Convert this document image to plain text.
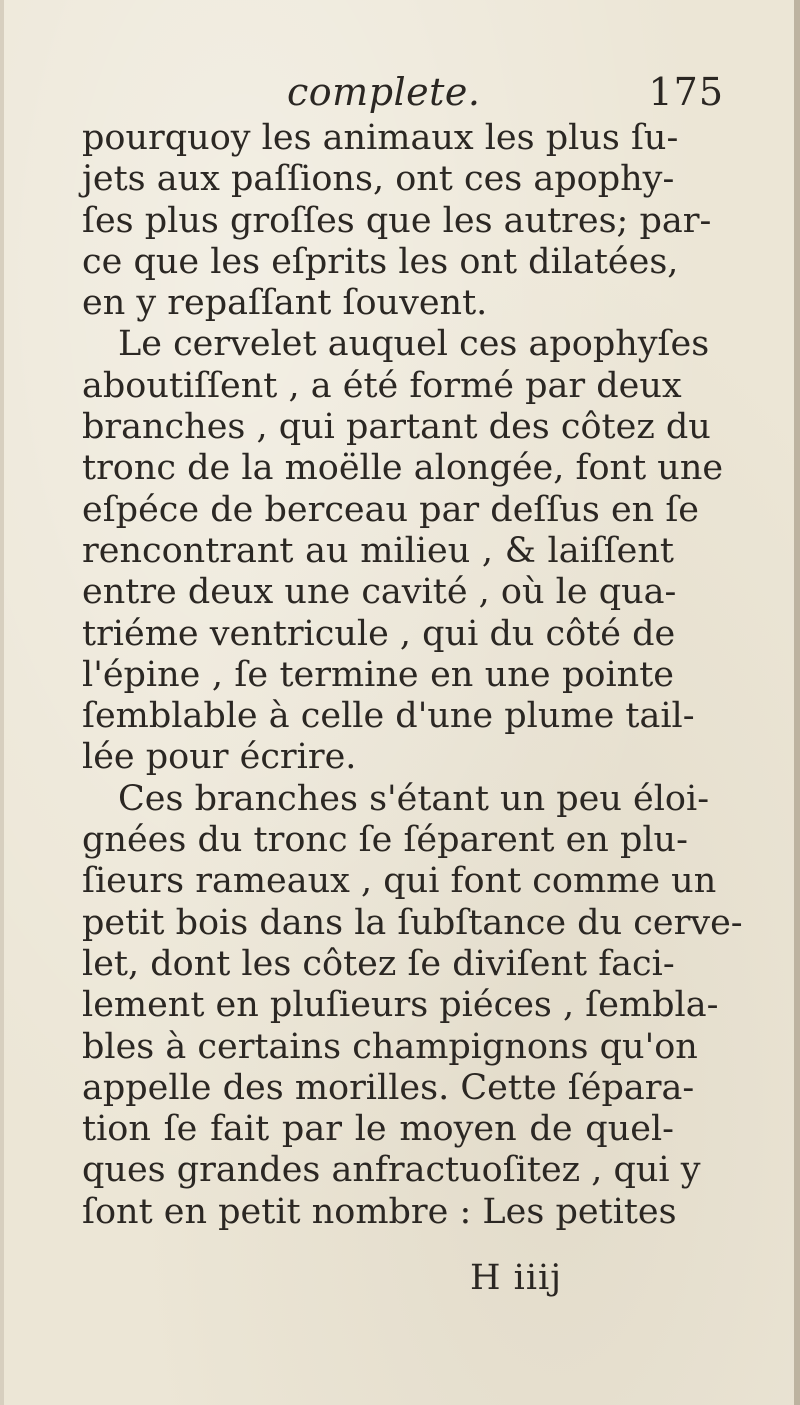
complete.	175
pourquoy les animaux les plus ſu-
jets aux paſſions, ont ces apophy-
ſes plus groſſes que les autres; par-
ce que les eſprits les ont dilatées,
en y repaſſant ſouvent.
Le cervelet auquel ces apophyſes
aboutiſſent , a été formé par deux
branches , qui partant des côtez du
tronc de la moëlle alongée, font une
eſpéce de berceau par deſſus en ſe
rencontrant au milieu , & laiſſent
entre deux une cavité , où le qua-
triéme ventricule , qui du côté de
l'épine , ſe termine en une pointe
ſemblable à celle d'une plume tail-
lée pour écrire.
Ces branches s'étant un peu éloi-
gnées du tronc ſe ſéparent en plu-
ſieurs rameaux , qui font comme un
petit bois dans la ſubſtance du cerve-
let, dont les côtez ſe diviſent faci-
lement en pluſieurs piéces , ſembla-
bles à certains champignons qu'on
appelle des morilles. Cette ſépara-
tion ſe fait par le moyen de quel-
ques grandes anfractuoſitez , qui y
ſont en petit nombre : Les petites
H iiij
